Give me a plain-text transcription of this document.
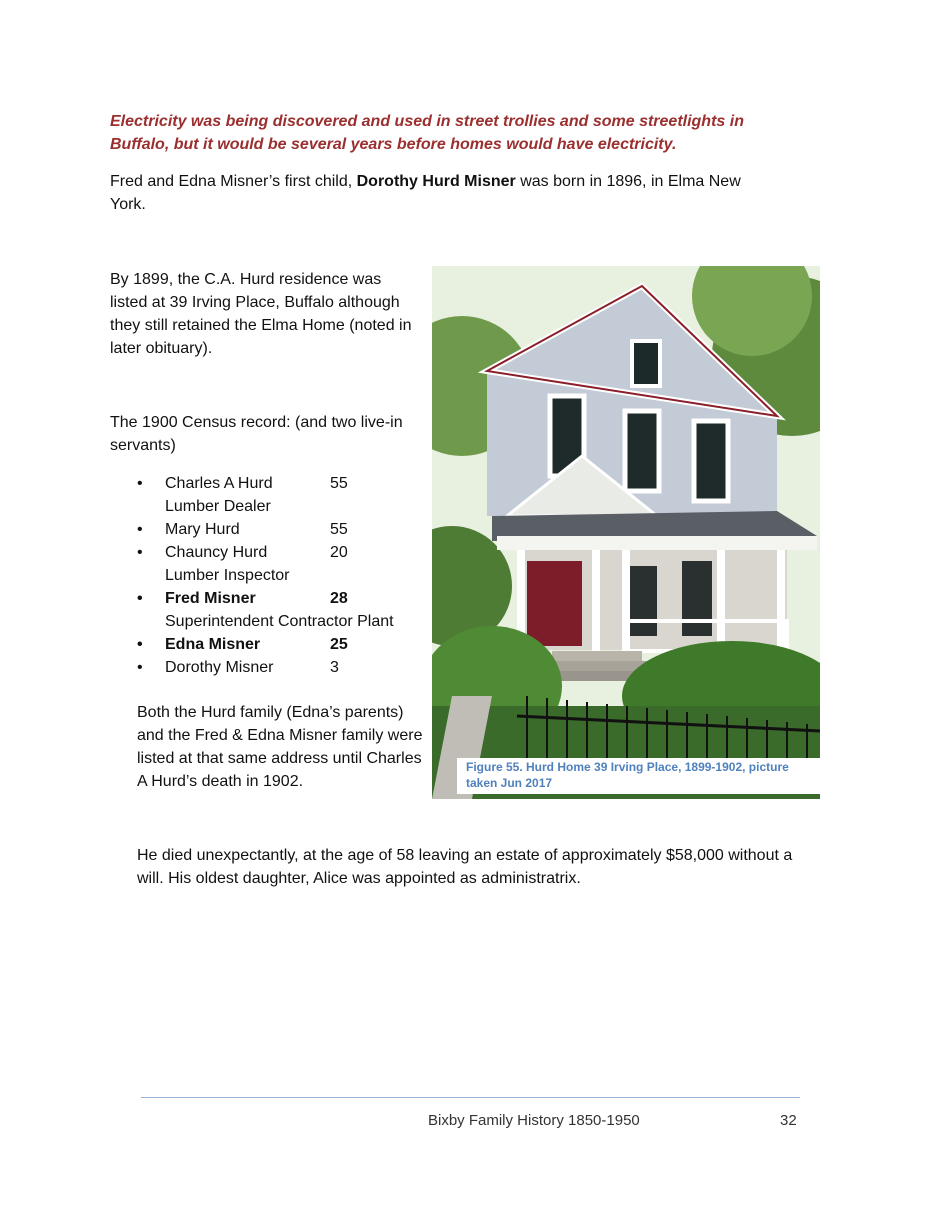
Electricity was being discovered and used in street trollies and some streetlights in Buffalo, but it would be several years before homes would have electricity.

Fred and Edna Misner’s first child, Dorothy Hurd Misner was born in 1896, in Elma New York.

By 1899, the C.A. Hurd residence was listed at 39 Irving Place, Buffalo although they still retained the Elma Home (noted in later obituary).

The 1900 Census record: (and two live-in servants)

• Charles A Hurd	55
Lumber Dealer
• Mary Hurd	55
• Chauncy Hurd	20
Lumber Inspector
• Fred Misner	28
Superintendent Contractor Plant
• Edna Misner	25
• Dorothy Misner	3

Both the Hurd family (Edna’s parents) and the Fred & Edna Misner family were listed at that same address until Charles A Hurd’s death in 1902.

Figure 55. Hurd Home 39 Irving Place, 1899-1902, picture taken Jun 2017

He died unexpectantly, at the age of 58 leaving an estate of approximately $58,000 without a will. His oldest daughter, Alice was appointed as administratrix.

Bixby Family History 1850-1950	32
